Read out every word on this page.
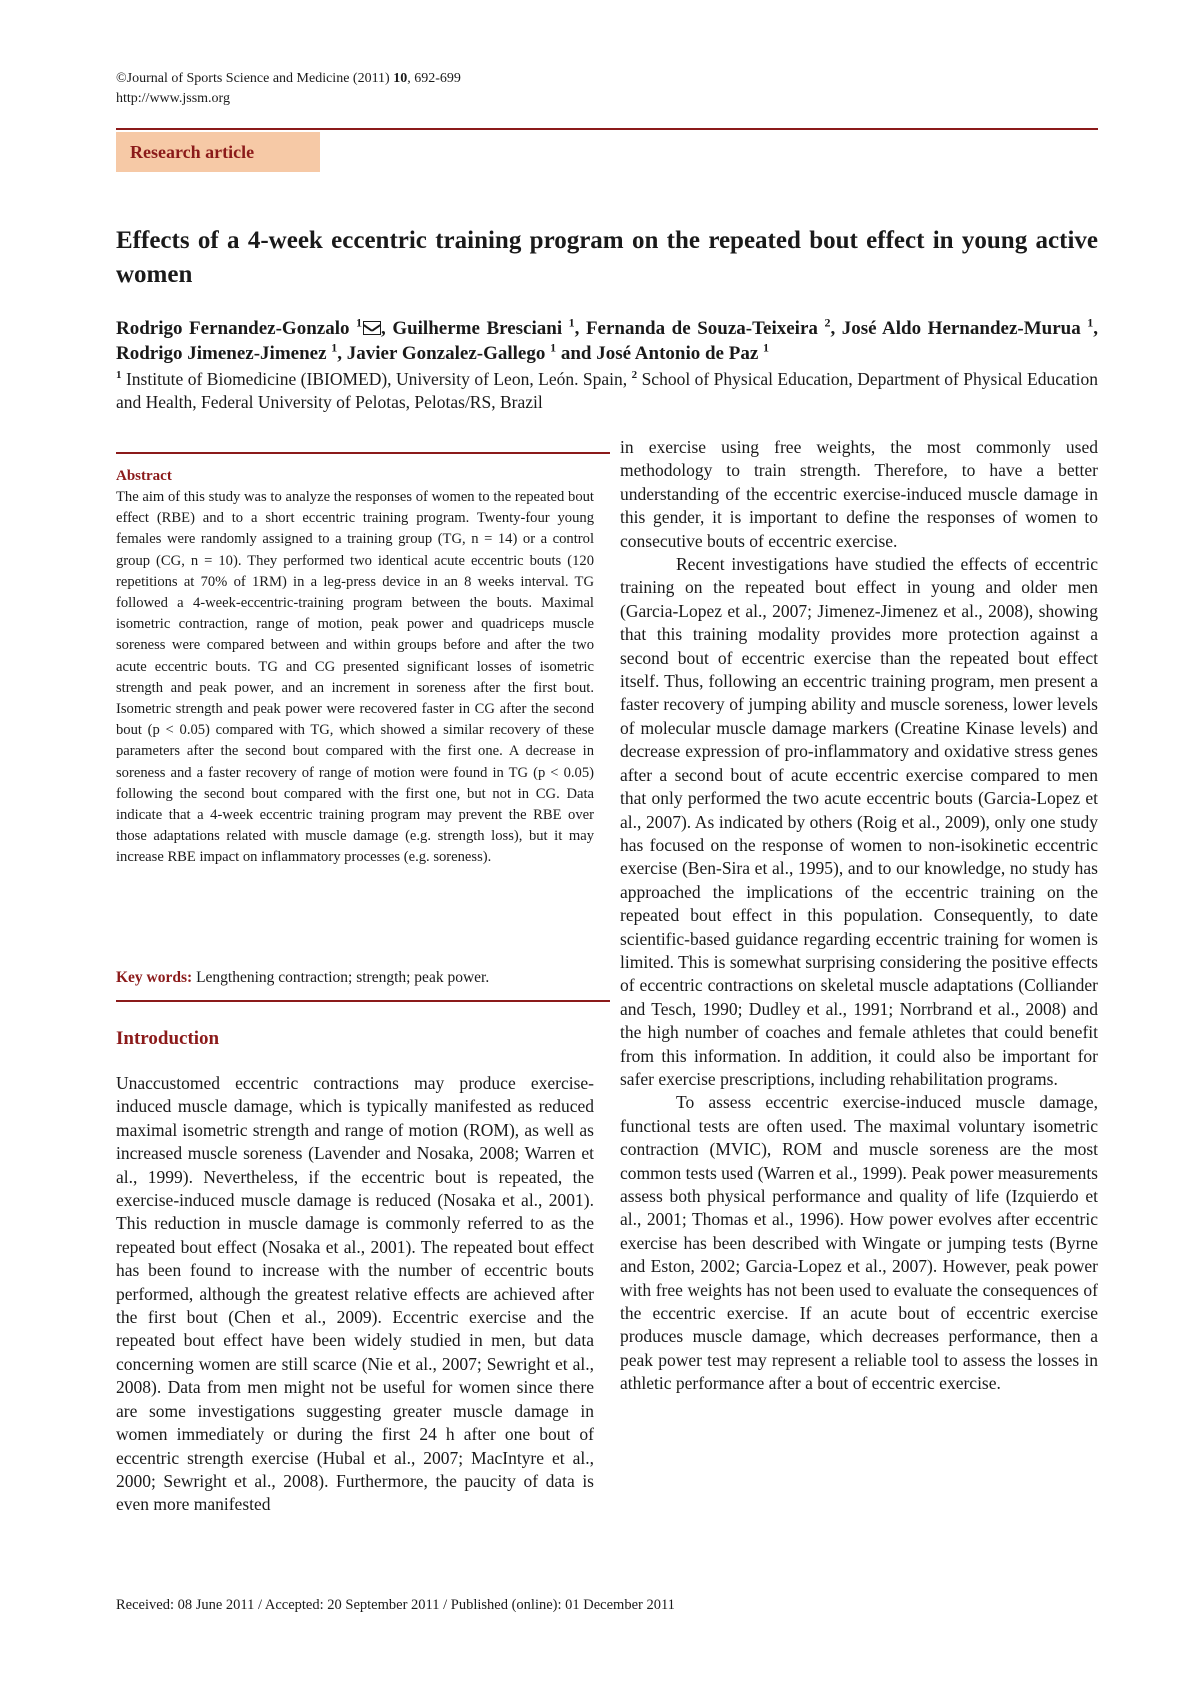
©Journal of Sports Science and Medicine (2011) 10, 692-699
http://www.jssm.org
Research article
Effects of a 4-week eccentric training program on the repeated bout effect in young active women
Rodrigo Fernandez-Gonzalo $^1$ , Guilherme Bresciani $^1$, Fernanda de Souza-Teixeira $^2$, José Aldo Hernandez-Murua $^1$, Rodrigo Jimenez-Jimenez $^1$, Javier Gonzalez-Gallego $^1$ and José Antonio de Paz $^1$
$^1$ Institute of Biomedicine (IBIOMED), University of Leon, León. Spain, $^2$ School of Physical Education, Department of Physical Education and Health, Federal University of Pelotas, Pelotas/RS, Brazil
Abstract
The aim of this study was to analyze the responses of women to the repeated bout effect (RBE) and to a short eccentric training program. Twenty-four young females were randomly assigned to a training group (TG, n = 14) or a control group (CG, n = 10). They performed two identical acute eccentric bouts (120 repetitions at 70% of 1RM) in a leg-press device in an 8 weeks interval. TG followed a 4-week-eccentric-training program between the bouts. Maximal isometric contraction, range of motion, peak power and quadriceps muscle soreness were compared between and within groups before and after the two acute eccentric bouts. TG and CG presented significant losses of isometric strength and peak power, and an increment in soreness after the first bout. Isometric strength and peak power were recovered faster in CG after the second bout (p < 0.05) compared with TG, which showed a similar recovery of these parameters after the second bout compared with the first one. A decrease in soreness and a faster recovery of range of motion were found in TG (p < 0.05) following the second bout compared with the first one, but not in CG. Data indicate that a 4-week eccentric training program may prevent the RBE over those adaptations related with muscle damage (e.g. strength loss), but it may increase RBE impact on inflammatory processes (e.g. soreness).
Key words: Lengthening contraction; strength; peak power.
Introduction
Unaccustomed eccentric contractions may produce exercise-induced muscle damage, which is typically manifested as reduced maximal isometric strength and range of motion (ROM), as well as increased muscle soreness (Lavender and Nosaka, 2008; Warren et al., 1999). Nevertheless, if the eccentric bout is repeated, the exercise-induced muscle damage is reduced (Nosaka et al., 2001). This reduction in muscle damage is commonly referred to as the repeated bout effect (Nosaka et al., 2001). The repeated bout effect has been found to increase with the number of eccentric bouts performed, although the greatest relative effects are achieved after the first bout (Chen et al., 2009). Eccentric exercise and the repeated bout effect have been widely studied in men, but data concerning women are still scarce (Nie et al., 2007; Sewright et al., 2008). Data from men might not be useful for women since there are some investigations suggesting greater muscle damage in women immediately or during the first 24 h after one bout of eccentric strength exercise (Hubal et al., 2007; MacIntyre et al., 2000; Sewright et al., 2008). Furthermore, the paucity of data is even more manifested

in exercise using free weights, the most commonly used methodology to train strength. Therefore, to have a better understanding of the eccentric exercise-induced muscle damage in this gender, it is important to define the responses of women to consecutive bouts of eccentric exercise.

Recent investigations have studied the effects of eccentric training on the repeated bout effect in young and older men (Garcia-Lopez et al., 2007; Jimenez-Jimenez et al., 2008), showing that this training modality provides more protection against a second bout of eccentric exercise than the repeated bout effect itself. Thus, following an eccentric training program, men present a faster recovery of jumping ability and muscle soreness, lower levels of molecular muscle damage markers (Creatine Kinase levels) and decrease expression of pro-inflammatory and oxidative stress genes after a second bout of acute eccentric exercise compared to men that only performed the two acute eccentric bouts (Garcia-Lopez et al., 2007). As indicated by others (Roig et al., 2009), only one study has focused on the response of women to non-isokinetic eccentric exercise (Ben-Sira et al., 1995), and to our knowledge, no study has approached the implications of the eccentric training on the repeated bout effect in this population. Consequently, to date scientific-based guidance regarding eccentric training for women is limited. This is somewhat surprising considering the positive effects of eccentric contractions on skeletal muscle adaptations (Colliander and Tesch, 1990; Dudley et al., 1991; Norrbrand et al., 2008) and the high number of coaches and female athletes that could benefit from this information. In addition, it could also be important for safer exercise prescriptions, including rehabilitation programs.

To assess eccentric exercise-induced muscle damage, functional tests are often used. The maximal voluntary isometric contraction (MVIC), ROM and muscle soreness are the most common tests used (Warren et al., 1999). Peak power measurements assess both physical performance and quality of life (Izquierdo et al., 2001; Thomas et al., 1996). How power evolves after eccentric exercise has been described with Wingate or jumping tests (Byrne and Eston, 2002; Garcia-Lopez et al., 2007). However, peak power with free weights has not been used to evaluate the consequences of the eccentric exercise. If an acute bout of eccentric exercise produces muscle damage, which decreases performance, then a peak power test may represent a reliable tool to assess the losses in athletic performance after a bout of eccentric exercise.

Received: 08 June 2011 / Accepted: 20 September 2011 / Published (online): 01 December 2011
